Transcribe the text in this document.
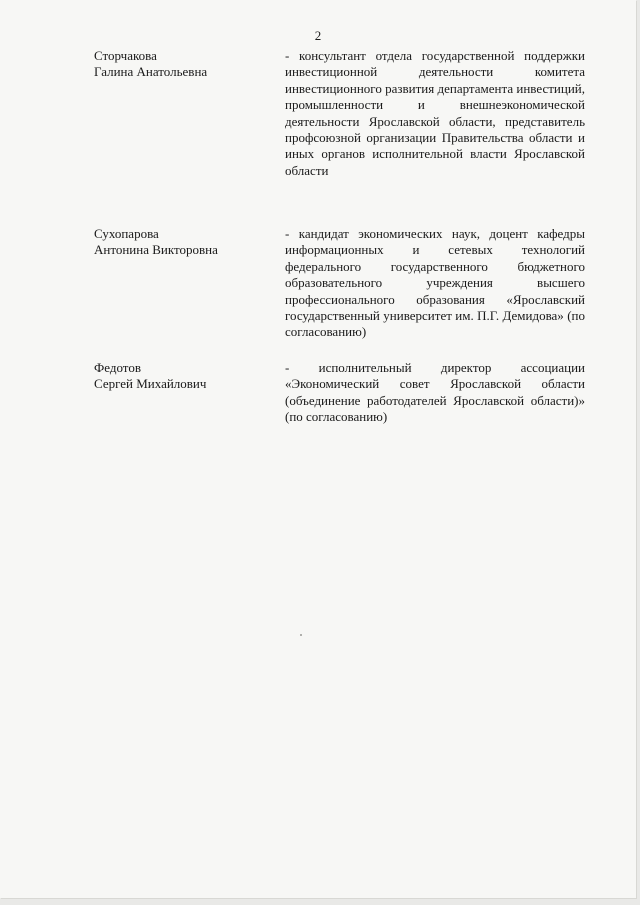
2
Сторчакова
Галина Анатольевна
- консультант отдела государственной поддержки инвестиционной деятельности комитета инвестиционного развития департамента инвестиций, промышленности и внешнеэкономической деятельности Ярославской области, представитель профсоюзной организации Правительства области и иных органов исполнительной власти Ярославской области
Сухопарова
Антонина Викторовна
- кандидат экономических наук, доцент кафедры информационных и сетевых технологий федерального государственного бюджетного образовательного учреждения высшего профессионального образования «Ярославский государственный университет им. П.Г. Демидова» (по согласованию)
Федотов
Сергей Михайлович
- исполнительный директор ассоциации «Экономический совет Ярославской области (объединение работодателей Ярославской области)» (по согласованию)
